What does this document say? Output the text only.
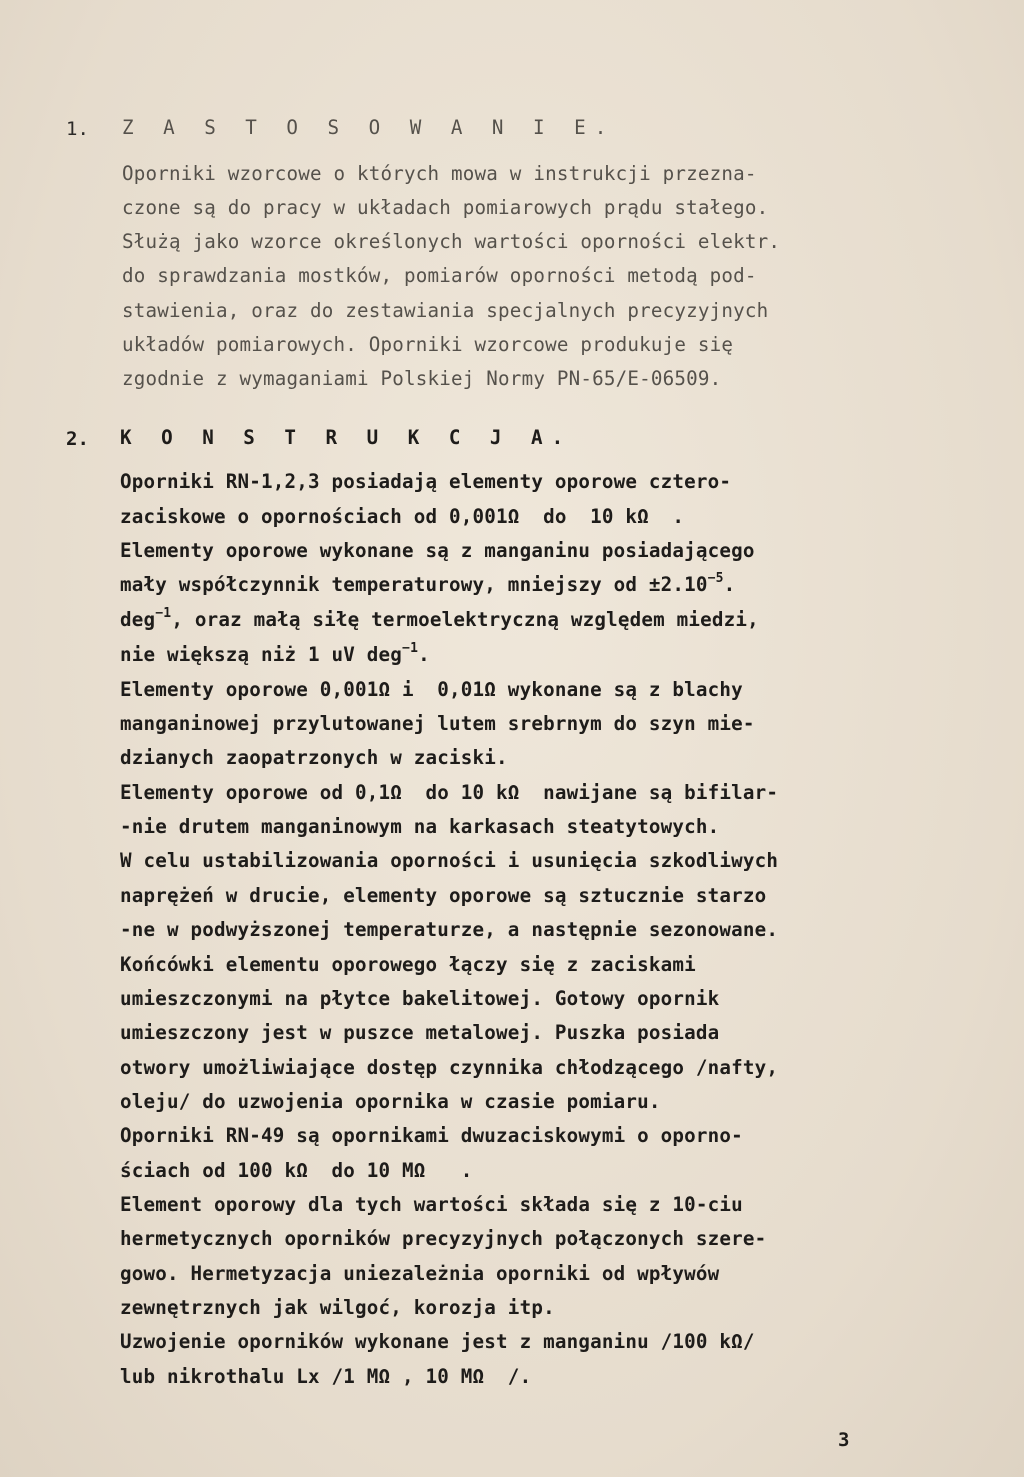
1. Z A S T O S O W A N I E.
Oporniki wzorcowe o których mowa w instrukcji przezna-
czone są do pracy w układach pomiarowych prądu stałego.
Służą jako wzorce określonych wartości oporności elektr.
do sprawdzania mostków, pomiarów oporności metodą pod-
stawienia, oraz do zestawiania specjalnych precyzyjnych
układów pomiarowych. Oporniki wzorcowe produkuje się
zgodnie z wymaganiami Polskiej Normy PN-65/E-06509.
2. K O N S T R U K C J A.
Oporniki RN-1,2,3 posiadają elementy oporowe cztero-
zaciskowe o opornościach od 0,001Ω  do  10 kΩ  .
Elementy oporowe wykonane są z manganinu posiadającego
mały współczynnik temperaturowy, mniejszy od $\pm 2.10^{-5}$.
deg$^{-1}$, oraz małą siłę termoelektryczną względem miedzi,
nie większą niż 1 uV deg$^{-1}$.
Elementy oporowe 0,001Ω i  0,01Ω wykonane są z blachy
manganinowej przylutowanej lutem srebrnym do szyn mie-
dzianych zaopatrzonych w zaciski.
Elementy oporowe od 0,1Ω  do 10 kΩ  nawijane są bifilar-
-nie drutem manganinowym na karkasach steatytowych.
W celu ustabilizowania oporności i usunięcia szkodliwych
naprężeń w drucie, elementy oporowe są sztucznie starzo
-ne w podwyższonej temperaturze, a następnie sezonowane.
Końcówki elementu oporowego łączy się z zaciskami
umieszczonymi na płytce bakelitowej. Gotowy opornik
umieszczony jest w puszce metalowej. Puszka posiada
otwory umożliwiające dostęp czynnika chłodzącego /nafty,
oleju/ do uzwojenia opornika w czasie pomiaru.
Oporniki RN-49 są opornikami dwuzaciskowymi o oporno-
ściach od 100 kΩ  do 10 MΩ   .
Element oporowy dla tych wartości składa się z 10-ciu
hermetycznych oporników precyzyjnych połączonych szere-
gowo. Hermetyzacja uniezależnia oporniki od wpływów
zewnętrznych jak wilgoć, korozja itp.
Uzwojenie oporników wykonane jest z manganinu /100 kΩ/
lub nikrothalu Lx /1 MΩ , 10 MΩ  /.
3
